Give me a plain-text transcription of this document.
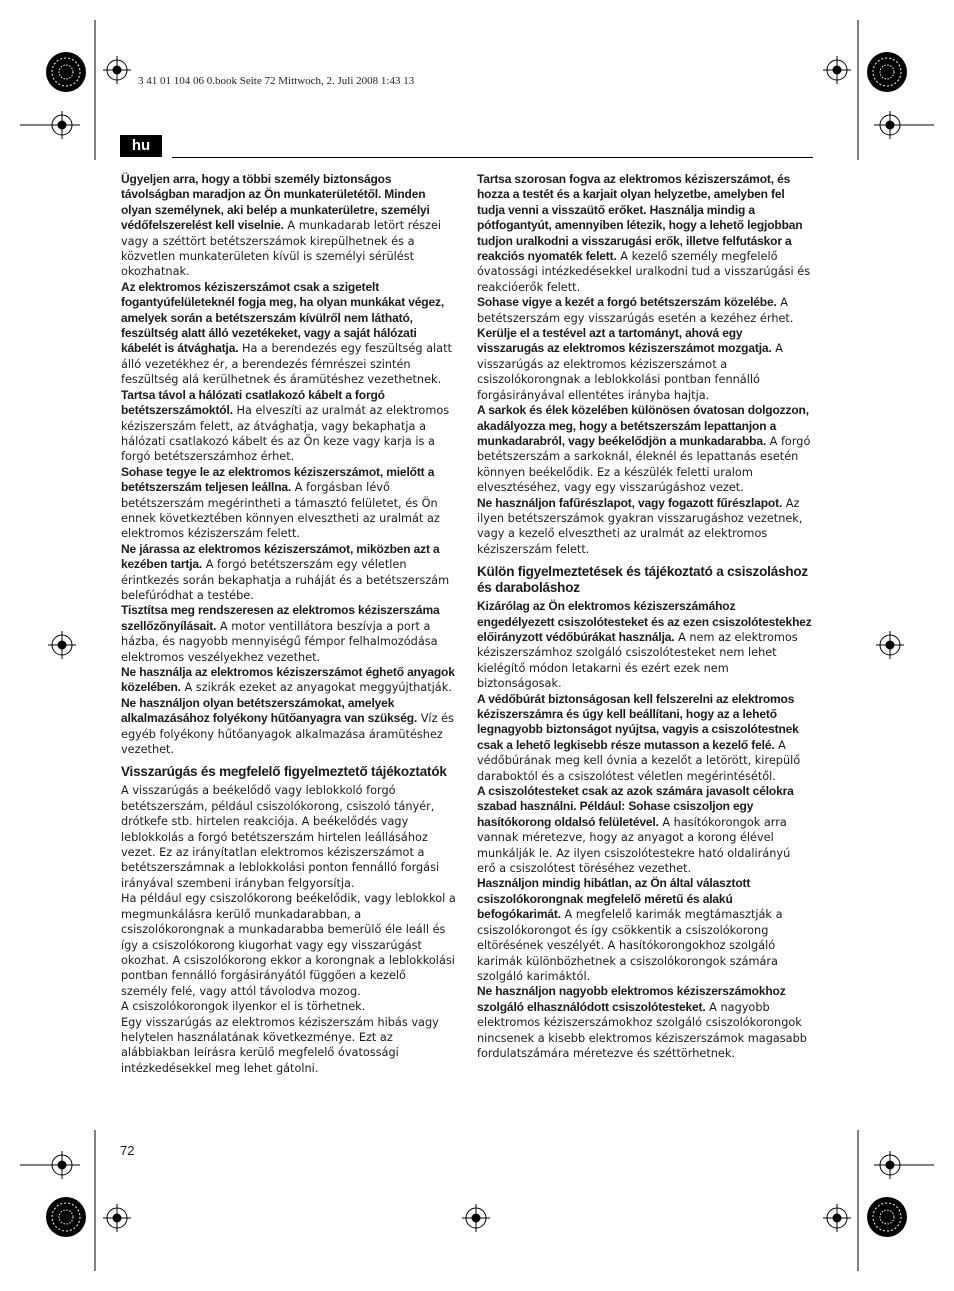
3 41 01 104 06 0.book Seite 72 Mittwoch, 2. Juli 2008 1:43 13
hu

Ügyeljen arra, hogy a többi személy biztonságos távolságban maradjon az Ön munkaterületétől. Minden olyan személynek, aki belép a munkaterületre, személyi védőfelszerelést kell viselnie. A munkadarab letört részei vagy a széttört betétszerszámok kirepülhetnek és a közvetlen munkaterületen kívül is személyi sérülést okozhatnak.

Az elektromos kéziszerszámot csak a szigetelt fogantyúfelületeknél fogja meg, ha olyan munkákat végez, amelyek során a betétszerszám kívülről nem látható, feszültség alatt álló vezetékeket, vagy a saját hálózati kábelét is átvághatja. Ha a berendezés egy feszültség alatt álló vezetékhez ér, a berendezés fémrészei szintén feszültség alá kerülhetnek és áramütéshez vezethetnek.

Tartsa távol a hálózati csatlakozó kábelt a forgó betétszerszámoktól. Ha elveszíti az uralmát az elektromos kéziszerszám felett, az átvághatja, vagy bekaphatja a hálózati csatlakozó kábelt és az Ön keze vagy karja is a forgó betétszerszámhoz érhet.

Sohase tegye le az elektromos kéziszerszámot, mielőtt a betétszerszám teljesen leállna. A forgásban lévő betétszerszám megérintheti a támasztó felületet, és Ön ennek következtében könnyen elvesztheti az uralmát az elektromos kéziszerszám felett.

Ne járassa az elektromos kéziszerszámot, miközben azt a kezében tartja. A forgó betétszerszám egy véletlen érintkezés során bekaphatja a ruháját és a betétszerszám belefúródhat a testébe.

Tisztítsa meg rendszeresen az elektromos kéziszerszáma szellőzőnyílásait. A motor ventillátora beszívja a port a házba, és nagyobb mennyiségű fémpor felhalmozódása elektromos veszélyekhez vezethet.

Ne használja az elektromos kéziszerszámot éghető anyagok közelében. A szikrák ezeket az anyagokat meggyújthatják.

Ne használjon olyan betétszerszámokat, amelyek alkalmazásához folyékony hűtőanyagra van szükség. Víz és egyéb folyékony hűtőanyagok alkalmazása áramütéshez vezethet.

Visszarúgás és megfelelő figyelmeztető tájékoztatók

A visszarúgás a beékelődő vagy leblokkoló forgó betétszerszám, például csiszolókorong, csiszoló tányér, drótkefe stb. hirtelen reakciója. A beékelődés vagy leblokkolás a forgó betétszerszám hirtelen leállásához vezet. Ez az irányítatlan elektromos kéziszerszámot a betétszerszámnak a leblokkolási ponton fennálló forgási irányával szembeni irányban felgyorsítja.

Ha például egy csiszolókorong beékelődik, vagy leblokkol a megmunkálásra kerülő munkadarabban, a csiszolókorongnak a munkadarabba bemerülő éle leáll és így a csiszolókorong kiugorhat vagy egy visszarúgást okozhat. A csiszolókorong ekkor a korongnak a leblokkolási pontban fennálló forgásirányától függően a kezelő személy felé, vagy attól távolodva mozog.

A csiszolókorongok ilyenkor el is törhetnek.

Egy visszarúgás az elektromos kéziszerszám hibás vagy helytelen használatának következménye. Ezt az alábbiakban leírásra kerülő megfelelő óvatossági intézkedésekkel meg lehet gátolni.

Tartsa szorosan fogva az elektromos kéziszerszámot, és hozza a testét és a karjait olyan helyzetbe, amelyben fel tudja venni a visszaütő erőket. Használja mindig a pótfogantyút, amennyiben létezik, hogy a lehető legjobban tudjon uralkodni a visszarugási erők, illetve felfutáskor a reakciós nyomaték felett. A kezelő személy megfelelő óvatossági intézkedésekkel uralkodni tud a visszarúgási és reakcióerők felett.

Sohase vigye a kezét a forgó betétszerszám közelébe. A betétszerszám egy visszarúgás esetén a kezéhez érhet.

Kerülje el a testével azt a tartományt, ahová egy visszarugás az elektromos kéziszerszámot mozgatja. A visszarúgás az elektromos kéziszerszámot a csiszolókorongnak a leblokkolási pontban fennálló forgásirányával ellentétes irányba hajtja.

A sarkok és élek közelében különösen óvatosan dolgozzon, akadályozza meg, hogy a betétszerszám lepattanjon a munkadarabról, vagy beékelődjön a munkadarabba. A forgó betétszerszám a sarkoknál, éleknél és lepattanás esetén könnyen beékelődik. Ez a készülék feletti uralom elvesztéséhez, vagy egy visszarúgáshoz vezet.

Ne használjon fafűrészlapot, vagy fogazott fűrészlapot. Az ilyen betétszerszámok gyakran visszarugáshoz vezetnek, vagy a kezelő elvesztheti az uralmát az elektromos kéziszerszám felett.

Külön figyelmeztetések és tájékoztató a csiszoláshoz és daraboláshoz

Kizárólag az Ön elektromos kéziszerszámához engedélyezett csiszolótesteket és az ezen csiszolótestekhez előirányzott védőbúrákat használja. A nem az elektromos kéziszerszámhoz szolgáló csiszolótesteket nem lehet kielégítő módon letakarni és ezért ezek nem biztonságosak.

A védőbúrát biztonságosan kell felszerelni az elektromos kéziszerszámra és úgy kell beállítani, hogy az a lehető legnagyobb biztonságot nyújtsa, vagyis a csiszolótestnek csak a lehető legkisebb része mutasson a kezelő felé. A védőbúrának meg kell óvnia a kezelőt a letörött, kirepülő daraboktól és a csiszolótest véletlen megérintésétől.

A csiszolótesteket csak az azok számára javasolt célokra szabad használni. Például: Sohase csiszoljon egy hasítókorong oldalsó felületével. A hasítókorongok arra vannak méretezve, hogy az anyagot a korong élével munkálják le. Az ilyen csiszolótestekre ható oldalirányú erő a csiszolótest töréséhez vezethet.

Használjon mindig hibátlan, az Ön által választott csiszolókorongnak megfelelő méretű és alakú befogókarimát. A megfelelő karimák megtámasztják a csiszolókorongot és így csökkentik a csiszolókorong eltörésének veszélyét. A hasítókorongokhoz szolgáló karimák különbözhetnek a csiszolókorongok számára szolgáló karimáktól.

Ne használjon nagyobb elektromos kéziszerszámokhoz szolgáló elhasználódott csiszolótesteket. A nagyobb elektromos kéziszerszámokhoz szolgáló csiszolókorongok nincsenek a kisebb elektromos kéziszerszámok magasabb fordulatszámára méretezve és széttörhetnek.

72
